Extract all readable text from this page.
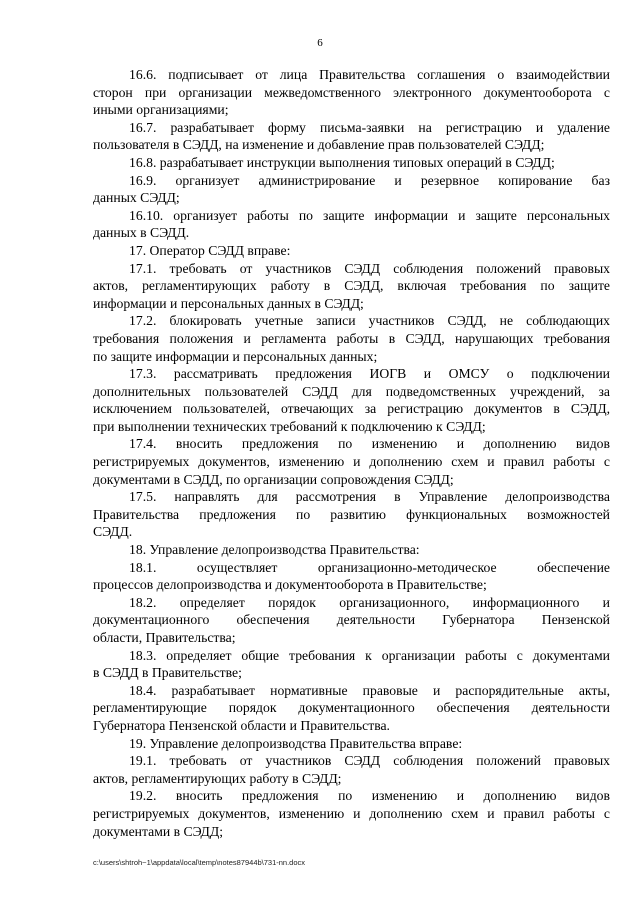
6

16.6. подписывает от лица Правительства соглашения о взаимодействии
сторон при организации межведомственного электронного документооборота с
иными организациями;

16.7. разрабатывает форму письма-заявки на регистрацию и удаление
пользователя в СЭДД, на изменение и добавление прав пользователей СЭДД;

16.8. разрабатывает инструкции выполнения типовых операций в СЭДД;

16.9. организует администрирование и резервное копирование баз
данных СЭДД;

16.10. организует работы по защите информации и защите персональных
данных в СЭДД.

17. Оператор СЭДД вправе:

17.1. требовать от участников СЭДД соблюдения положений правовых
актов, регламентирующих работу в СЭДД, включая требования по защите
информации и персональных данных в СЭДД;

17.2. блокировать учетные записи участников СЭДД, не соблюдающих
требования положения и регламента работы в СЭДД, нарушающих требования
по защите информации и персональных данных;

17.3. рассматривать предложения ИОГВ и ОМСУ о подключении
дополнительных пользователей СЭДД для подведомственных учреждений, за
исключением пользователей, отвечающих за регистрацию документов в СЭДД,
при выполнении технических требований к подключению к СЭДД;

17.4. вносить предложения по изменению и дополнению видов
регистрируемых документов, изменению и дополнению схем и правил работы с
документами в СЭДД, по организации сопровождения СЭДД;

17.5. направлять для рассмотрения в Управление делопроизводства
Правительства предложения по развитию функциональных возможностей
СЭДД.

18. Управление делопроизводства Правительства:

18.1. осуществляет организационно-методическое обеспечение
процессов делопроизводства и документооборота в Правительстве;

18.2. определяет порядок организационного, информационного и
документационного обеспечения деятельности Губернатора Пензенской
области, Правительства;

18.3. определяет общие требования к организации работы с документами
в СЭДД в Правительстве;

18.4. разрабатывает нормативные правовые и распорядительные акты,
регламентирующие порядок документационного обеспечения деятельности
Губернатора Пензенской области и Правительства.

19. Управление делопроизводства Правительства вправе:

19.1. требовать от участников СЭДД соблюдения положений правовых
актов, регламентирующих работу в СЭДД;

19.2. вносить предложения по изменению и дополнению видов
регистрируемых документов, изменению и дополнению схем и правил работы с
документами в СЭДД;

c:\users\shtroh~1\appdata\local\temp\notes87944b\731-nn.docx
